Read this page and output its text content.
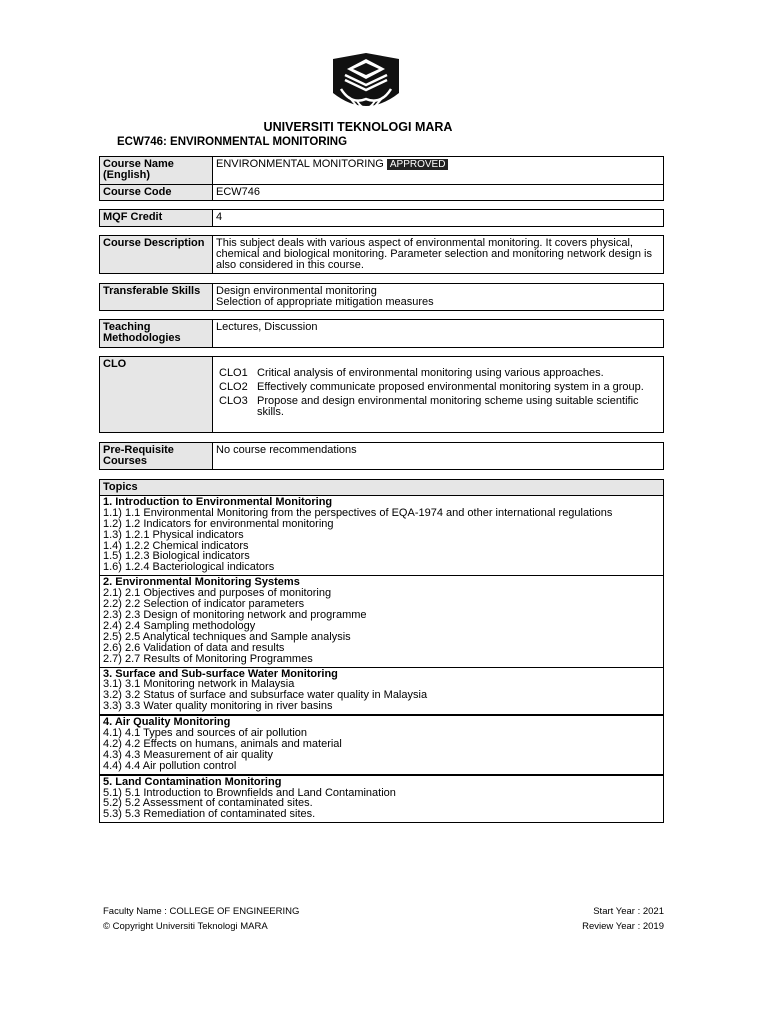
UNIVERSITI TEKNOLOGI MARA
ECW746: ENVIRONMENTAL MONITORING
Course Name (English)	ENVIRONMENTAL MONITORING APPROVED
Course Code	ECW746
MQF Credit	4
Course Description	This subject deals with various aspect of environmental monitoring. It covers physical, chemical and biological monitoring. Parameter selection and monitoring network design is also considered in this course.
Transferable Skills	Design environmental monitoring
Selection of appropriate mitigation measures
Teaching Methodologies	Lectures, Discussion
CLO	
CLO1 Critical analysis of environmental monitoring using various approaches.
CLO2 Effectively communicate proposed environmental monitoring system in a group.
CLO3 Propose and design environmental monitoring scheme using suitable scientific skills.
Pre-Requisite Courses	No course recommendations
Topics

1. Introduction to Environmental Monitoring
1.1) 1.1 Environmental Monitoring from the perspectives of EQA-1974 and other international regulations
1.2) 1.2 Indicators for environmental monitoring
1.3) 1.2.1 Physical indicators
1.4) 1.2.2 Chemical indicators
1.5) 1.2.3 Biological indicators
1.6) 1.2.4 Bacteriological indicators

2. Environmental Monitoring Systems
2.1) 2.1 Objectives and purposes of monitoring
2.2) 2.2 Selection of indicator parameters
2.3) 2.3 Design of monitoring network and programme
2.4) 2.4 Sampling methodology
2.5) 2.5 Analytical techniques and Sample analysis
2.6) 2.6 Validation of data and results
2.7) 2.7 Results of Monitoring Programmes

3. Surface and Sub-surface Water Monitoring
3.1) 3.1 Monitoring network in Malaysia
3.2) 3.2 Status of surface and subsurface water quality in Malaysia
3.3) 3.3 Water quality monitoring in river basins

4. Air Quality Monitoring
4.1) 4.1 Types and sources of air pollution
4.2) 4.2 Effects on humans, animals and material
4.3) 4.3 Measurement of air quality
4.4) 4.4 Air pollution control

5. Land Contamination Monitoring
5.1) 5.1 Introduction to Brownfields and Land Contamination
5.2) 5.2 Assessment of contaminated sites.
5.3) 5.3 Remediation of contaminated sites.
Faculty Name : COLLEGE OF ENGINEERING
© Copyright Universiti Teknologi MARA
Start Year : 2021
Review Year : 2019
